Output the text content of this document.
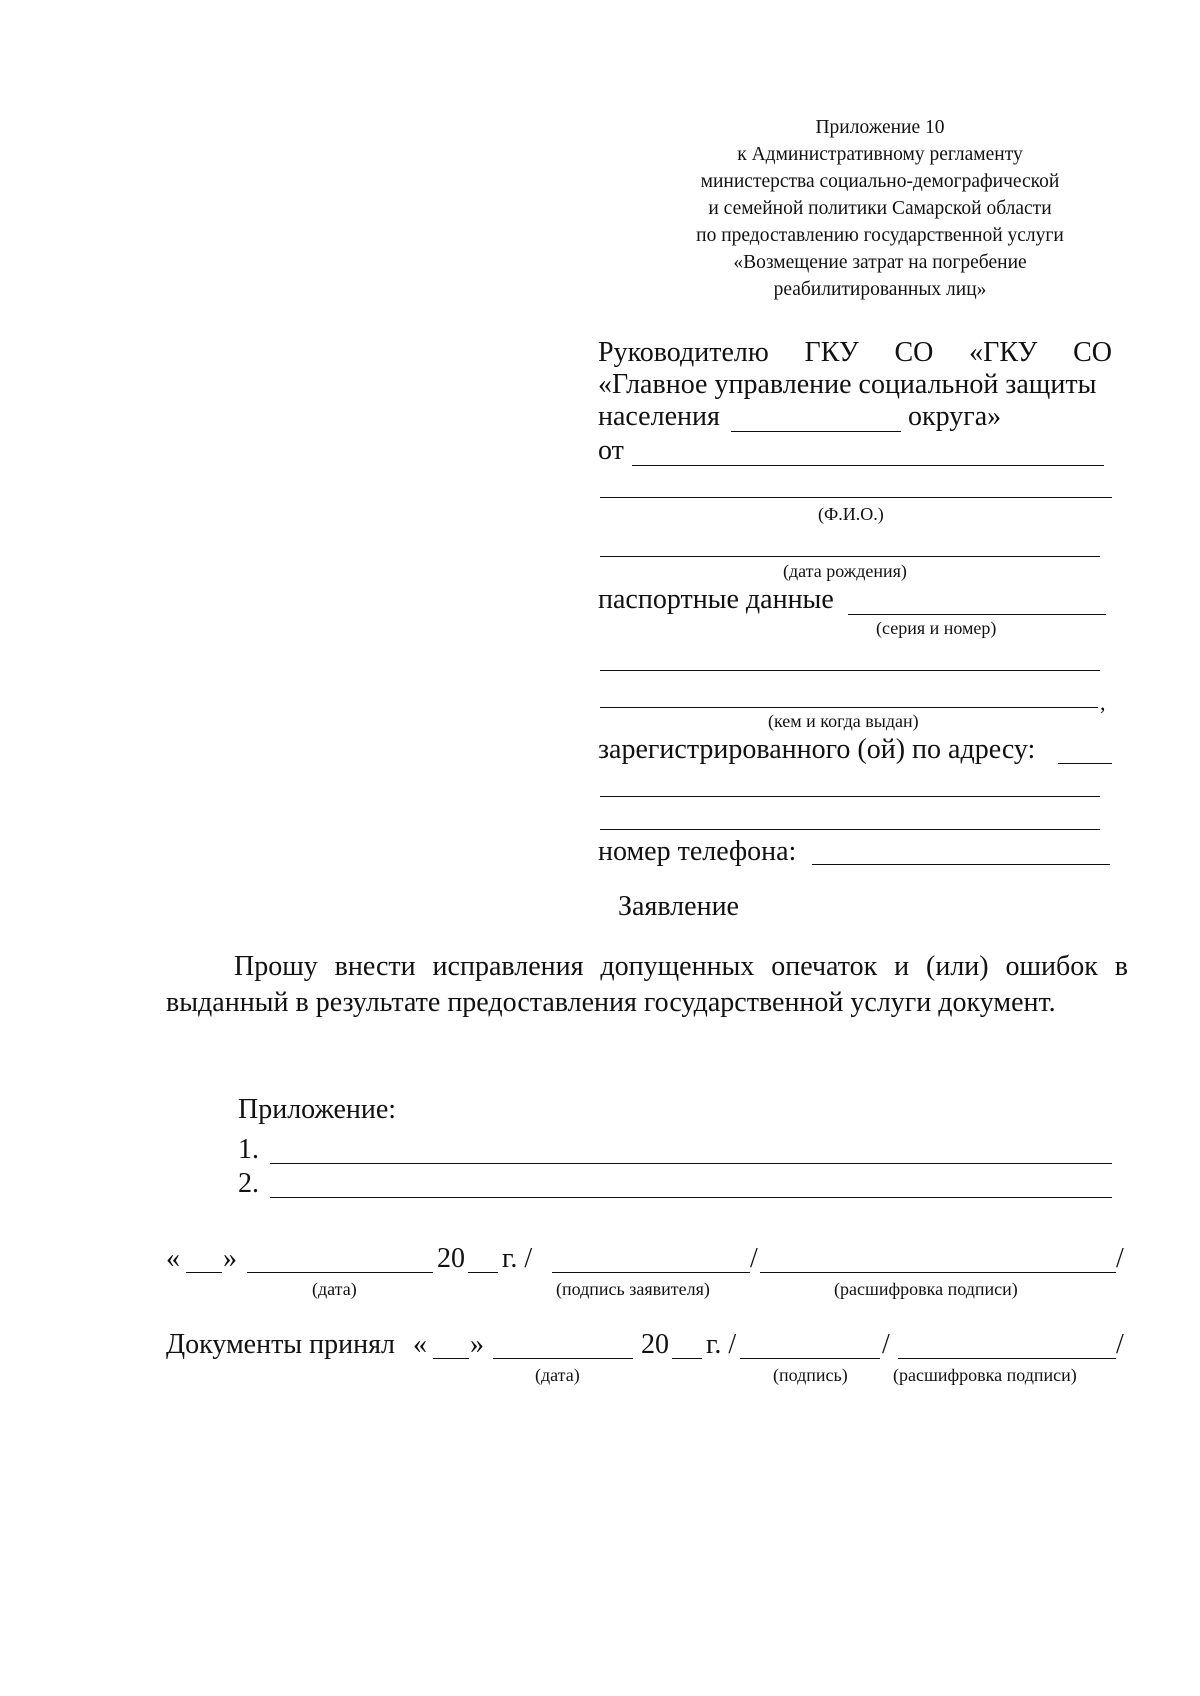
Приложение 10
к Административному регламенту
министерства социально-демографической
и семейной политики Самарской области
по предоставлению государственной услуги
«Возмещение затрат на погребение
реабилитированных лиц»
Руководителю ГКУ СО «ГКУ СО
«Главное управление социальной защиты
населения	округа»
от
(Ф.И.О.)
(дата рождения)
паспортные данные
(серия и номер)
,
(кем и когда выдан)
зарегистрированного (ой) по адресу:
номер телефона:
Заявление
Прошу внести исправления допущенных опечаток и (или) ошибок в
выданный в результате предоставления государственной услуги документ.
Приложение:
1.
2.
« »	20 г. /	/	/
(дата)	(подпись заявителя)	(расшифровка подписи)
Документы принял « »	20 г. /	/	/
(дата)	(подпись)	(расшифровка подписи)
